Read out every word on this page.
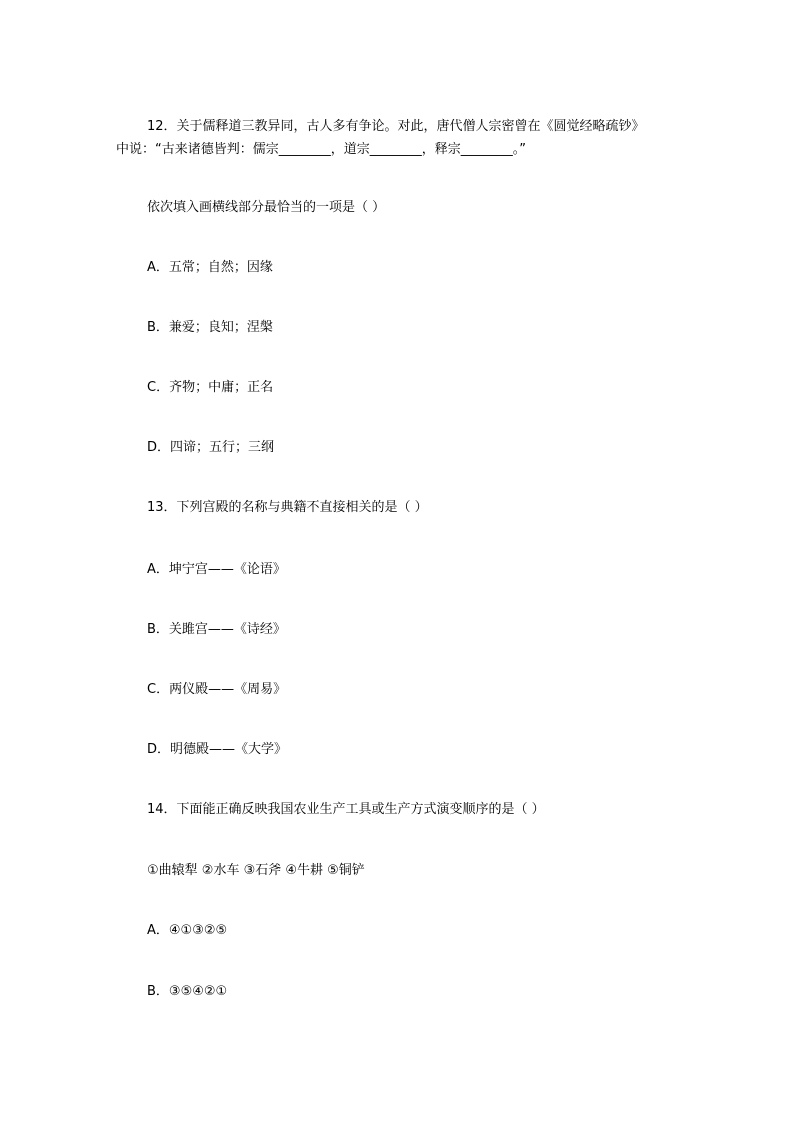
12．关于儒释道三教异同，古人多有争论。对此，唐代僧人宗密曾在《圆觉经略疏钞》
中说：“古来诸德皆判：儒宗________，道宗________，释宗________。”
依次填入画横线部分最恰当的一项是（ ）
A．五常；自然；因缘
B．兼爱；良知；涅槃
C．齐物；中庸；正名
D．四谛；五行；三纲
13．下列宫殿的名称与典籍不直接相关的是（ ）
A．坤宁宫——《论语》
B．关雎宫——《诗经》
C．两仪殿——《周易》
D．明德殿——《大学》
14．下面能正确反映我国农业生产工具或生产方式演变顺序的是（ ）
①曲辕犁 ②水车 ③石斧 ④牛耕 ⑤铜铲
A．④①③②⑤
B．③⑤④②①
